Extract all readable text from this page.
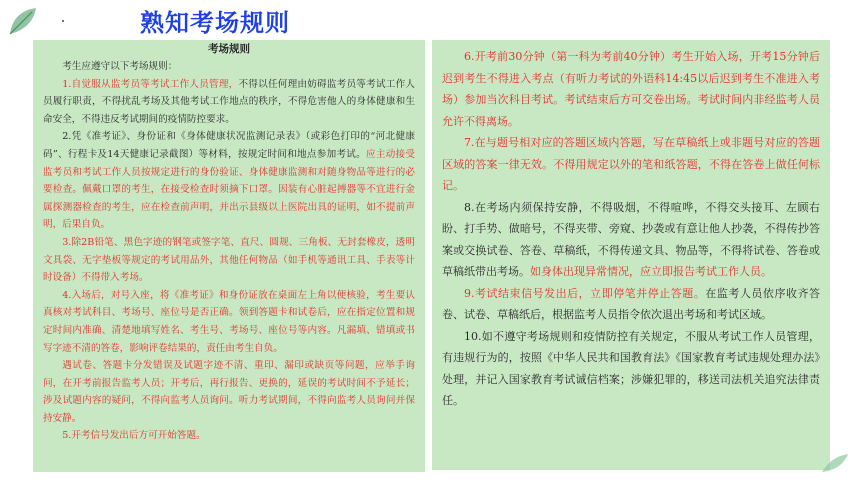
熟知考场规则
考场规则

考生应遵守以下考场规则：

1.自觉服从监考员等考试工作人员管理，不得以任何理由妨碍监考员等考试工作人员履行职责，不得扰乱考场及其他考试工作地点的秩序，不得危害他人的身体健康和生命安全，不得违反考试期间的疫情防控要求。

2.凭《准考证》、身份证和《身体健康状况监测记录表》（或彩色打印的“河北健康码”、行程卡及14天健康记录截图）等材料，按规定时间和地点参加考试。应主动接受监考员和考试工作人员按规定进行的身份验证、身体健康监测和对随身物品等进行的必要检查。佩戴口罩的考生，在接受检查时须摘下口罩。因装有心脏起搏器等不宜进行金属探测器检查的考生，应在检查前声明，并出示县级以上医院出具的证明，如不提前声明，后果自负。

3.除2B铅笔、黑色字迹的钢笔或签字笔、直尺、圆规、三角板、无封套橡皮，透明文具袋、无字垫板等规定的考试用品外，其他任何物品（如手机等通讯工具、手表等计时设备）不得带入考场。

4.入场后，对号入座，将《准考证》和身份证放在桌面左上角以便核验，考生要认真核对考试科目、考场号、座位号是否正确。领到答题卡和试卷后，应在指定位置和规定时间内准确、清楚地填写姓名、考生号、考场号、座位号等内容。凡漏填、错填或书写字迹不清的答卷，影响评卷结果的，责任由考生自负。

遇试卷、答题卡分发错误及试题字迹不清、重印、漏印或缺页等问题，应举手询问，在开考前报告监考人员；开考后，再行报告、更换的，延误的考试时间不予延长；涉及试题内容的疑问，不得向监考人员询问。听力考试期间，不得向监考人员询问并保持安静。

5.开考信号发出后方可开始答题。

6.开考前30分钟（第一科为考前40分钟）考生开始入场，开考15分钟后迟到考生不得进入考点（有听力考试的外语科14:45以后迟到考生不准进入考场）参加当次科目考试。考试结束后方可交卷出场。考试时间内非经监考人员允许不得离场。

7.在与题号相对应的答题区域内答题，写在草稿纸上或非题号对应的答题区域的答案一律无效。不得用规定以外的笔和纸答题，不得在答卷上做任何标记。

8.在考场内须保持安静，不得吸烟，不得喧哗，不得交头接耳、左顾右盼、打手势、做暗号，不得夹带、旁窥、抄袭或有意让他人抄袭，不得传抄答案或交换试卷、答卷、草稿纸，不得传递文具、物品等，不得将试卷、答卷或草稿纸带出考场。如身体出现异常情况，应立即报告考试工作人员。

9.考试结束信号发出后，立即停笔并停止答题。在监考人员依序收齐答卷、试卷、草稿纸后，根据监考人员指令依次退出考场和考试区域。

10.如不遵守考场规则和疫情防控有关规定，不服从考试工作人员管理，有违规行为的，按照《中华人民共和国教育法》《国家教育考试违规处理办法》处理，并记入国家教育考试诚信档案；涉嫌犯罪的，移送司法机关追究法律责任。
